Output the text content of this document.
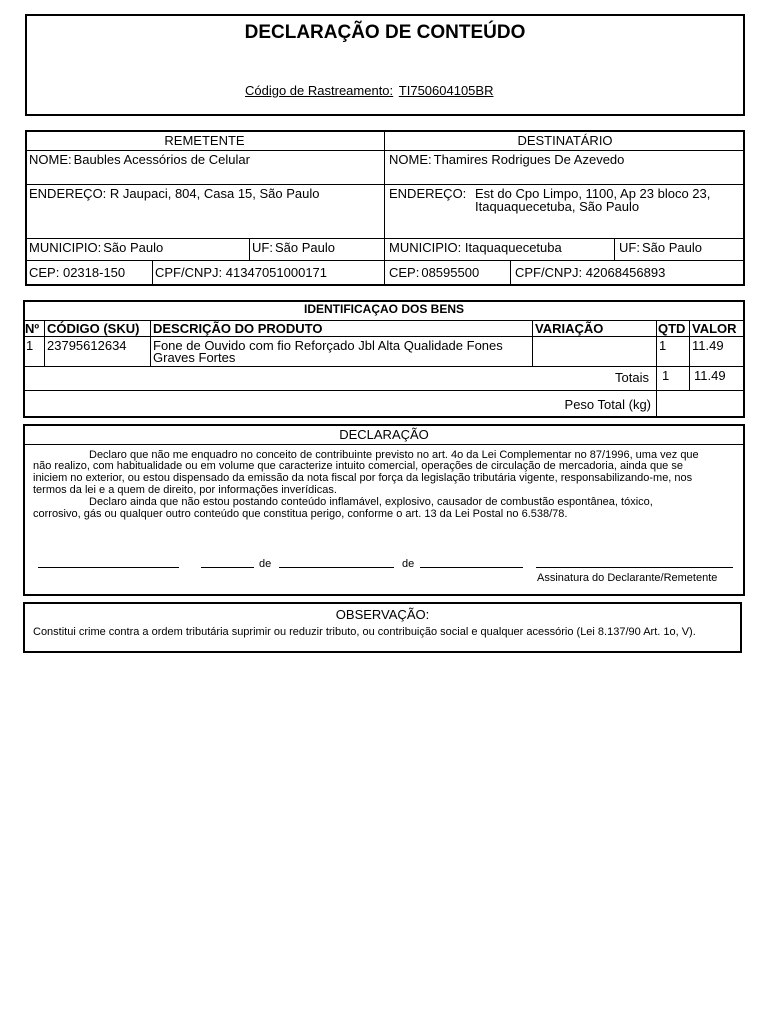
DECLARAÇÃO DE CONTEÚDO
Código de Rastreamento: TI750604105BR
REMETENTE	DESTINATÁRIO
NOME: Baubles Acessórios de Celular
ENDEREÇO: R Jaupaci, 804, Casa 15, São Paulo
MUNICIPIO: São Paulo	UF: São Paulo
CEP: 02318-150 CPF/CNPJ: 41347051000171
NOME: Thamires Rodrigues De Azevedo
ENDEREÇO: Est do Cpo Limpo, 1100, Ap 23 bloco 23,
Itaquaquecetuba, São Paulo
MUNICIPIO: Itaquaquecetuba	UF: São Paulo
CEP: 08595500	CPF/CNPJ: 42068456893
IDENTIFICAÇAO DOS BENS
Nº CÓDIGO (SKU) DESCRIÇÃO DO PRODUTO	VARIAÇÃO	QTD VALOR
1 23795612634 Fone de Ouvido com fio Reforçado Jbl Alta Qualidade Fones
Graves Fortes
1 11.49
Totais 1 11.49
Peso Total (kg)
DECLARAÇÃO
Declaro que não me enquadro no conceito de contribuinte previsto no art. 4o da Lei Complementar no 87/1996, uma vez que
não realizo, com habitualidade ou em volume que caracterize intuito comercial, operações de circulação de mercadoria, ainda que se
iniciem no exterior, ou estou dispensado da emissão da nota fiscal por força da legislação tributária vigente, responsabilizando-me, nos
termos da lei e a quem de direito, por informações inverídicas.
Declaro ainda que não estou postando conteúdo inflamável, explosivo, causador de combustão espontânea, tóxico,
corrosivo, gás ou qualquer outro conteúdo que constitua perigo, conforme o art. 13 da Lei Postal no 6.538/78.
de	de
Assinatura do Declarante/Remetente
OBSERVAÇÃO:
Constitui crime contra a ordem tributária suprimir ou reduzir tributo, ou contribuição social e qualquer acessório (Lei 8.137/90 Art. 1o, V).
